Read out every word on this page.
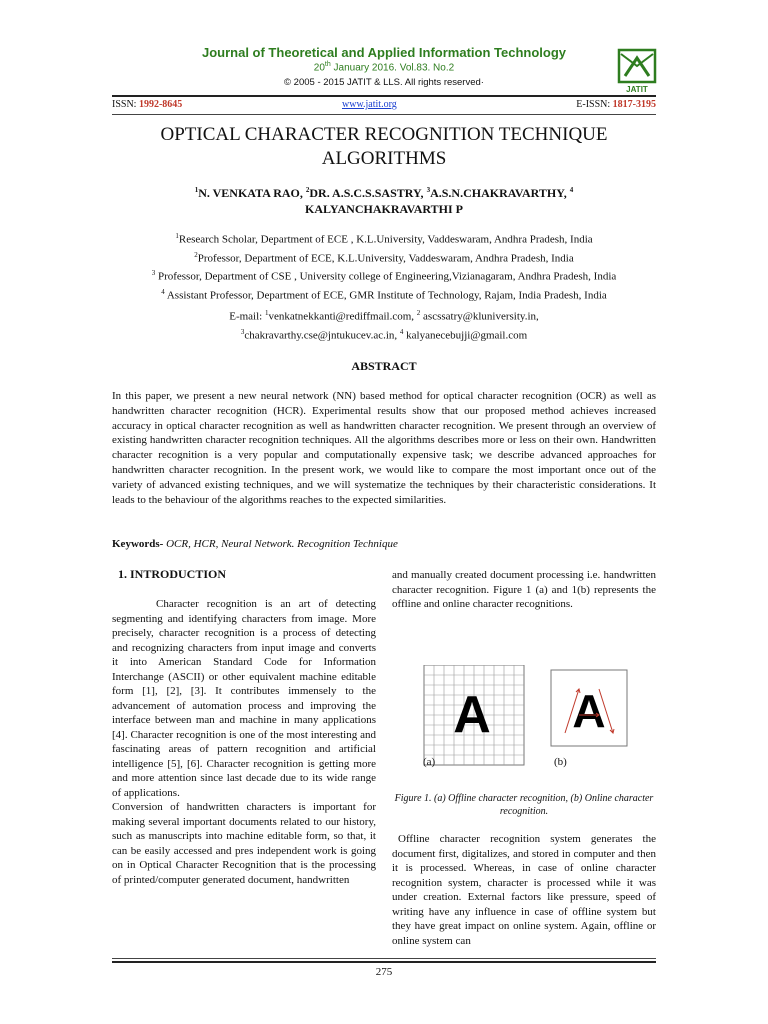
Journal of Theoretical and Applied Information Technology
20th January 2016. Vol.83. No.2
© 2005 - 2015 JATIT & LLS. All rights reserved·
JATIT
ISSN: 1992-8645	www.jatit.org	E-ISSN: 1817-3195
OPTICAL CHARACTER RECOGNITION TECHNIQUE
ALGORITHMS
$^1$N. VENKATA RAO, $^2$DR. A.S.C.S.SASTRY, $^3$A.S.N.CHAKRAVARTHY, $^4$
KALYANCHAKRAVARTHI P
$^1$Research Scholar, Department of ECE , K.L.University, Vaddeswaram, Andhra Pradesh, India
$^2$Professor, Department of ECE, K.L.University, Vaddeswaram, Andhra Pradesh, India
$^3$ Professor, Department of CSE , University college of Engineering,Vizianagaram, Andhra Pradesh, India
$^4$ Assistant Professor, Department of ECE, GMR Institute of Technology, Rajam, India Pradesh, India
E-mail: $^1$venkatnekkanti@rediffmail.com, $^2$ ascssatry@kluniversity.in,
$^3$chakravarthy.cse@jntukucev.ac.in, $^4$ kalyanecebujji@gmail.com
ABSTRACT
In this paper, we present a new neural network (NN) based method for optical character recognition (OCR) as well as handwritten character recognition (HCR). Experimental results show that our proposed method achieves increased accuracy in optical character recognition as well as handwritten character recognition. We present through an overview of existing handwritten character recognition techniques. All the algorithms describes more or less on their own. Handwritten character recognition is a very popular and computationally expensive task; we describe advanced approaches for handwritten character recognition. In the present work, we would like to compare the most important once out of the variety of advanced existing techniques, and we will systematize the techniques by their characteristic considerations. It leads to the behaviour of the algorithms reaches to the expected similarities.
Keywords- OCR, HCR, Neural Network. Recognition Technique
1. INTRODUCTION

Character recognition is an art of detecting segmenting and identifying characters from image. More precisely, character recognition is a process of detecting and recognizing characters from input image and converts it into American Standard Code for Information Interchange (ASCII) or other equivalent machine editable form [1], [2], [3]. It contributes immensely to the advancement of automation process and improving the interface between man and machine in many applications [4]. Character recognition is one of the most interesting and fascinating areas of pattern recognition and artificial intelligence [5], [6]. Character recognition is getting more and more attention since last decade due to its wide range of applications.

Conversion of handwritten characters is important for making several important documents related to our history, such as manuscripts into machine editable form, so that, it can be easily accessed and pres independent work is going on in Optical Character Recognition that is the processing of printed/computer generated document, handwritten

and manually created document processing i.e. handwritten character recognition. Figure 1 (a) and 1(b) represents the offline and online character recognitions.
A A
(a)	(b)
Figure 1. (a) Offline character recognition, (b) Online character recognition.
Offline character recognition system generates the document first, digitalizes, and stored in computer and then it is processed. Whereas, in case of online character recognition system, character is processed while it was under creation. External factors like pressure, speed of writing have any influence in case of offline system but they have great impact on online system. Again, offline or online system can
275
